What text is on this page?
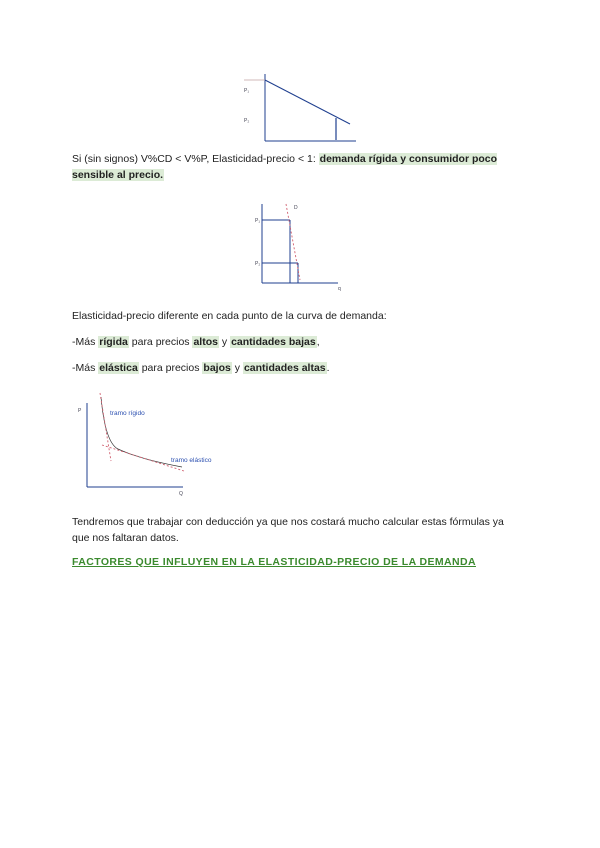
P₁
P₂

Si (sin signos) V%CD < V%P, Elasticidad-precio < 1: demanda rígida y consumidor poco sensible al precio.

P₁
P₂
D
q

Elasticidad-precio diferente en cada punto de la curva de demanda:

-Más rígida para precios altos y cantidades bajas,

-Más elástica para precios bajos y cantidades altas.

P
Q
tramo rígido
tramo elástico

Tendremos que trabajar con deducción ya que nos costará mucho calcular estas fórmulas ya que nos faltaran datos.

FACTORES QUE INFLUYEN EN LA ELASTICIDAD-PRECIO DE LA DEMANDA
